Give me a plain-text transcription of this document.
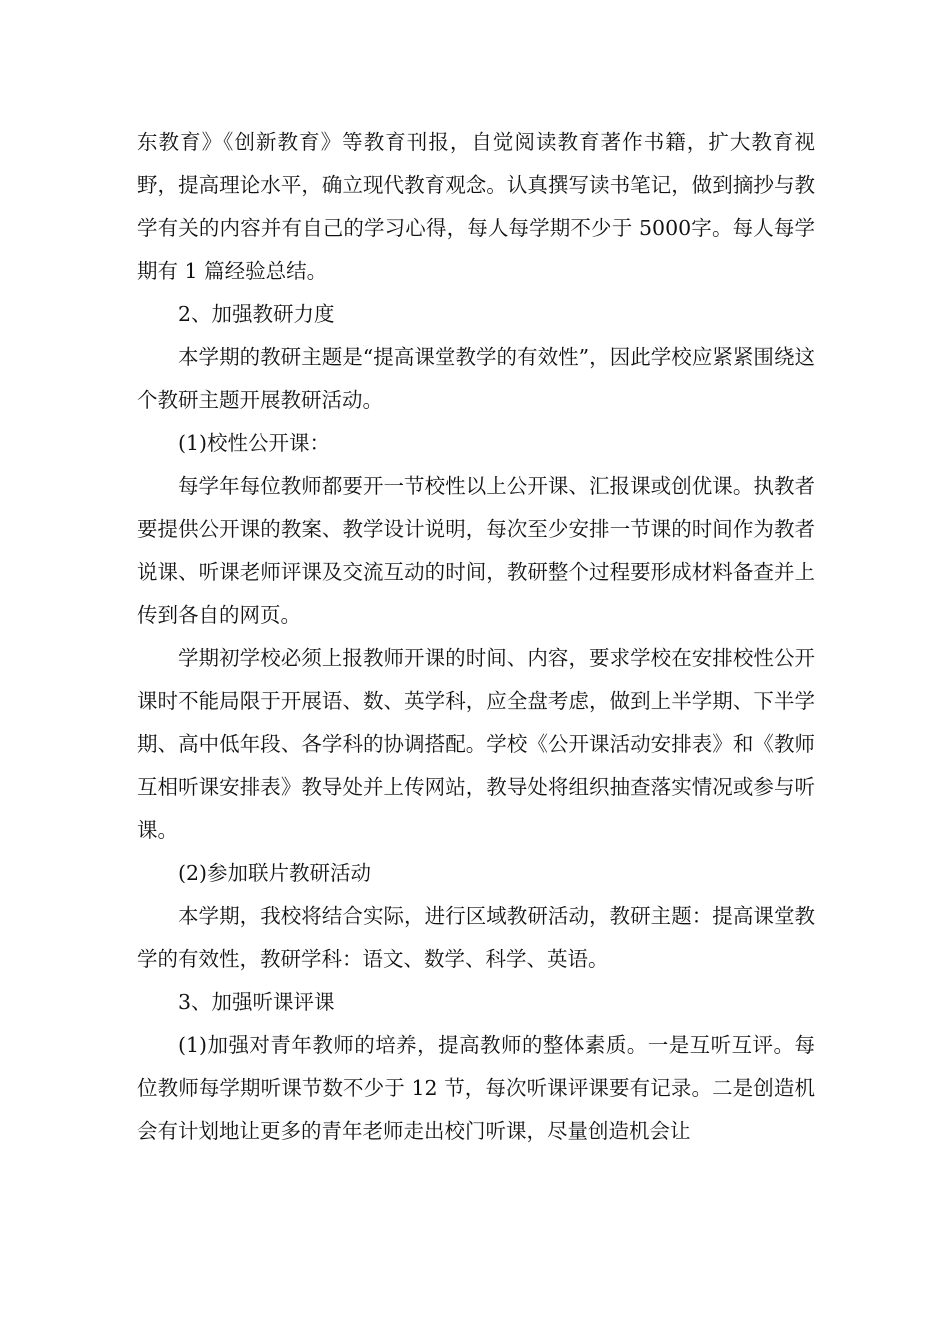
东教育》《创新教育》等教育刊报，自觉阅读教育著作书籍，扩大教育视野，提高理论水平，确立现代教育观念。认真撰写读书笔记，做到摘抄与教学有关的内容并有自己的学习心得，每人每学期不少于 5000字。每人每学期有 1 篇经验总结。

2、加强教研力度

本学期的教研主题是“提高课堂教学的有效性”，因此学校应紧紧围绕这个教研主题开展教研活动。

(1)校性公开课：

每学年每位教师都要开一节校性以上公开课、汇报课或创优课。执教者要提供公开课的教案、教学设计说明，每次至少安排一节课的时间作为教者说课、听课老师评课及交流互动的时间，教研整个过程要形成材料备查并上传到各自的网页。

学期初学校必须上报教师开课的时间、内容，要求学校在安排校性公开课时不能局限于开展语、数、英学科，应全盘考虑，做到上半学期、下半学期、高中低年段、各学科的协调搭配。学校《公开课活动安排表》和《教师互相听课安排表》教导处并上传网站，教导处将组织抽查落实情况或参与听课。

(2)参加联片教研活动

本学期，我校将结合实际，进行区域教研活动，教研主题：提高课堂教学的有效性，教研学科：语文、数学、科学、英语。

3、加强听课评课

(1)加强对青年教师的培养，提高教师的整体素质。一是互听互评。每位教师每学期听课节数不少于 12 节，每次听课评课要有记录。二是创造机会有计划地让更多的青年老师走出校门听课，尽量创造机会让
